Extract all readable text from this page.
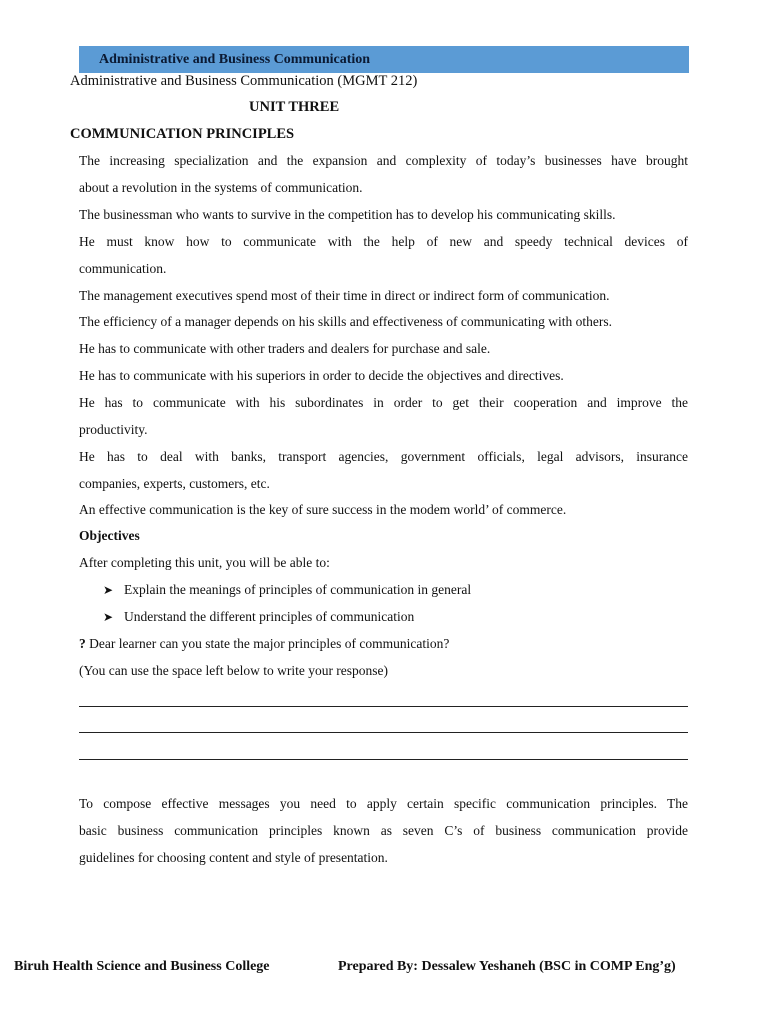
Administrative and Business Communication
Administrative and Business Communication (MGMT 212)
UNIT THREE
COMMUNICATION PRINCIPLES
The increasing specialization and the expansion and complexity of today’s businesses have brought
about a revolution in the systems of communication.
The businessman who wants to survive in the competition has to develop his communicating skills.
He must know how to communicate with the help of new and speedy technical devices of
communication.
The management executives spend most of their time in direct or indirect form of communication.
The efficiency of a manager depends on his skills and effectiveness of communicating with others.
He has to communicate with other traders and dealers for purchase and sale.
He has to communicate with his superiors in order to decide the objectives and directives.
He has to communicate with his subordinates in order to get their cooperation and improve the
productivity.
He has to deal with banks, transport agencies, government officials, legal advisors, insurance
companies, experts, customers, etc.
An effective communication is the key of sure success in the modem world’ of commerce.
Objectives
After completing this unit, you will be able to:
➤ Explain the meanings of principles of communication in general
➤ Understand the different principles of communication
? Dear learner can you state the major principles of communication?
(You can use the space left below to write your response)
To compose effective messages you need to apply certain specific communication principles. The
basic business communication principles known as seven C’s of business communication provide
guidelines for choosing content and style of presentation.
Biruh Health Science and Business College	Prepared By: Dessalew Yeshaneh (BSC in COMP Eng’g)
